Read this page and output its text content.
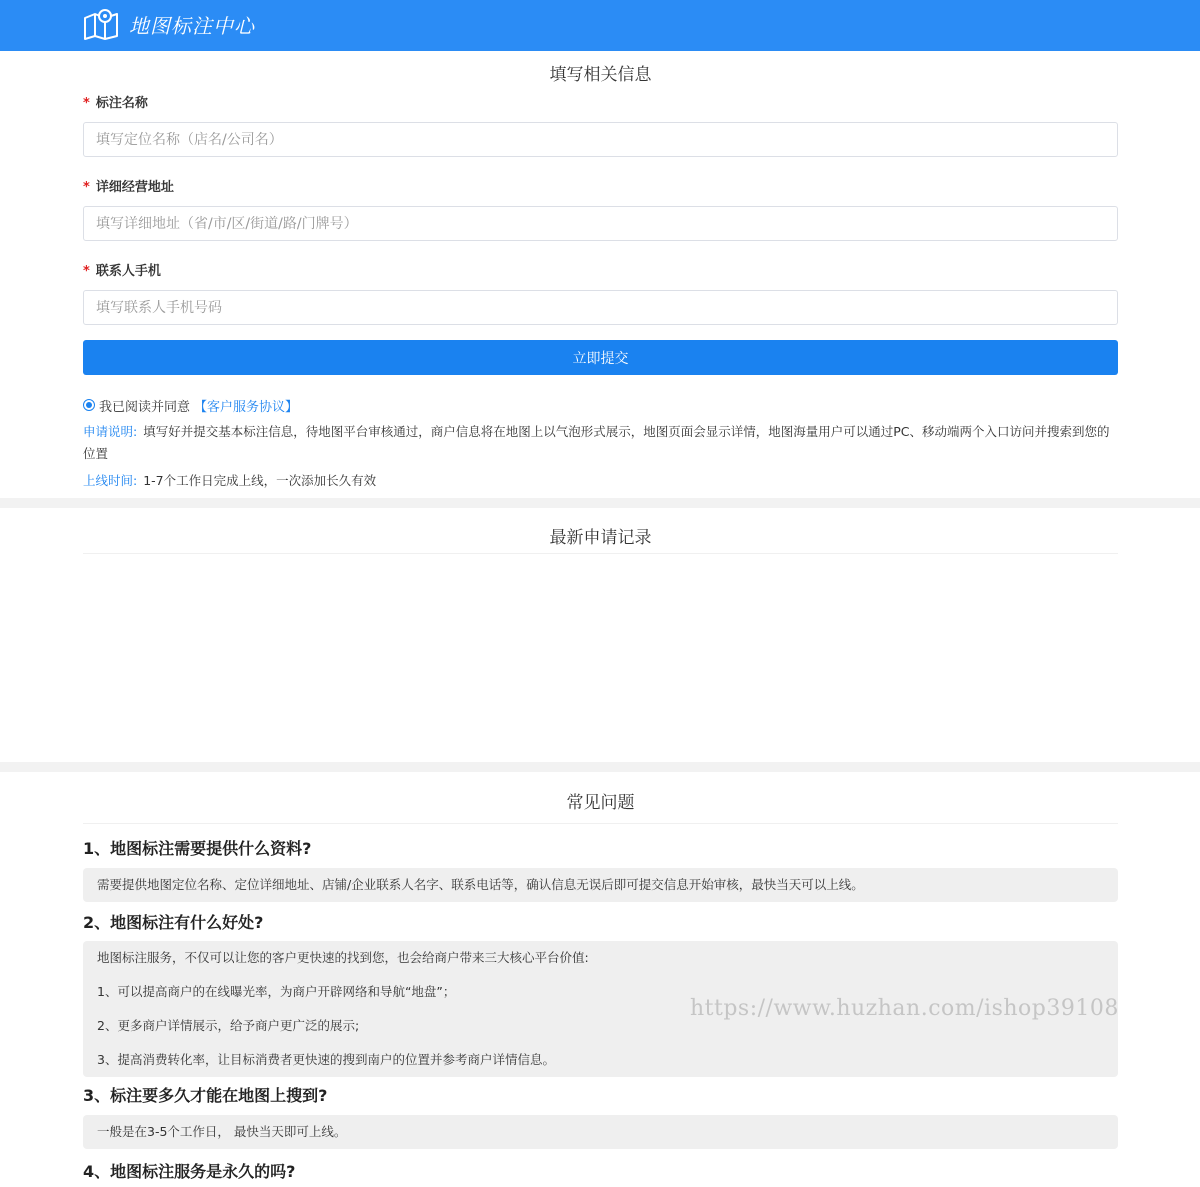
地图标注中心
填写相关信息
* 标注名称
填写定位名称（店名/公司名）
* 详细经营地址
填写详细地址（省/市/区/街道/路/门牌号）
* 联系人手机
填写联系人手机号码
立即提交
我已阅读并同意 【客户服务协议】
申请说明: 填写好并提交基本标注信息，待地图平台审核通过，商户信息将在地图上以气泡形式展示，地图页面会显示详情，地图海量用户可以通过PC、移动端两个入口访问并搜索到您的位置
上线时间: 1-7个工作日完成上线，一次添加长久有效
最新申请记录
常见问题
1、地图标注需要提供什么资料?

需要提供地图定位名称、定位详细地址、店铺/企业联系人名字、联系电话等，确认信息无误后即可提交信息开始审核，最快当天可以上线。

2、地图标注有什么好处?

地图标注服务，不仅可以让您的客户更快速的找到您，也会给商户带来三大核心平台价值:

1、可以提高商户的在线曝光率，为商户开辟网络和导航“地盘”；

2、更多商户详情展示，给予商户更广泛的展示;

3、提高消费转化率，让目标消费者更快速的搜到南户的位置并参考商户详情信息。

3、标注要多久才能在地图上搜到?

一般是在3-5个工作日， 最快当天即可上线。

4、地图标注服务是永久的吗?
https://www.huzhan.com/ishop39108
